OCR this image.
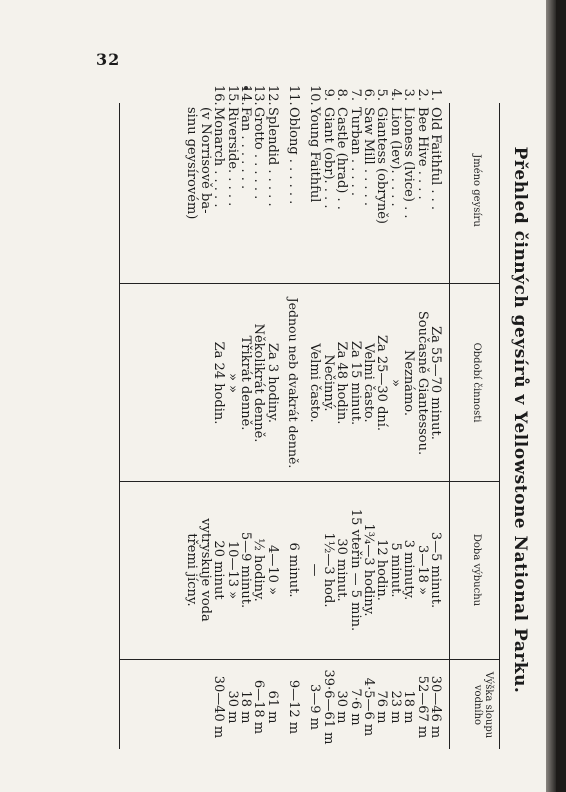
32
Přehled činných geysírů v Yellowstone National Parku.
Jméno geysíru
Období činnosti
Doba výbuchu
Výška sloupu vodního
1.
Old Faithful . . .
Za 55—70 minut.
3—5 minut.
30—46 m
2.
Bee Hive . . . .
Současně Giantessou.
3—18 »
52—67 m
3.
Lioness (lvice) . .
Neznámo.
3 minuty.
18 m
4.
Lion (lev). . . . .
»
5 minut.
23 m
5.
Giantess (obryně)
Za 25—30 dní.
12 hodin.
76 m
6.
Saw Mill . . . . .
Velmi často.
1¾—3 hodiny.
4·5—6 m
7.
Turban . . . . .
Za 15 minut.
15 vteřin — 5 min.
7·6 m
8.
Castle (hrad) . .
Za 48 hodin.
30 minut.
30 m
9.
Giant (obr). . . .
Nečinný.
1½—3 hod.
39·6—61 m
10.
Young Faithful
Velmi často.
—
3—9 m
11.
Oblong . . . . . .
Jednou neb dvakrát denně.
6 minut.
9—12 m
12.
Splendid . . . . .
Za 3 hodiny.
4—10 »
61 m
13.
Grotto . . . . . .
Několikrát denně.
½ hodiny.
6—18 m
14.
Fan . . . . . . .
Třikrát denně.
5—9 minut.
18 m
15.
Riverside. . . . .
» »
10—13 »
30 m
16.
Monarch . . . . .
Za 24 hodin.
20 minut
30—40 m
(v Norrisově ba-
vytryskuje voda
sinu geysírovém)
třemi jícny.
